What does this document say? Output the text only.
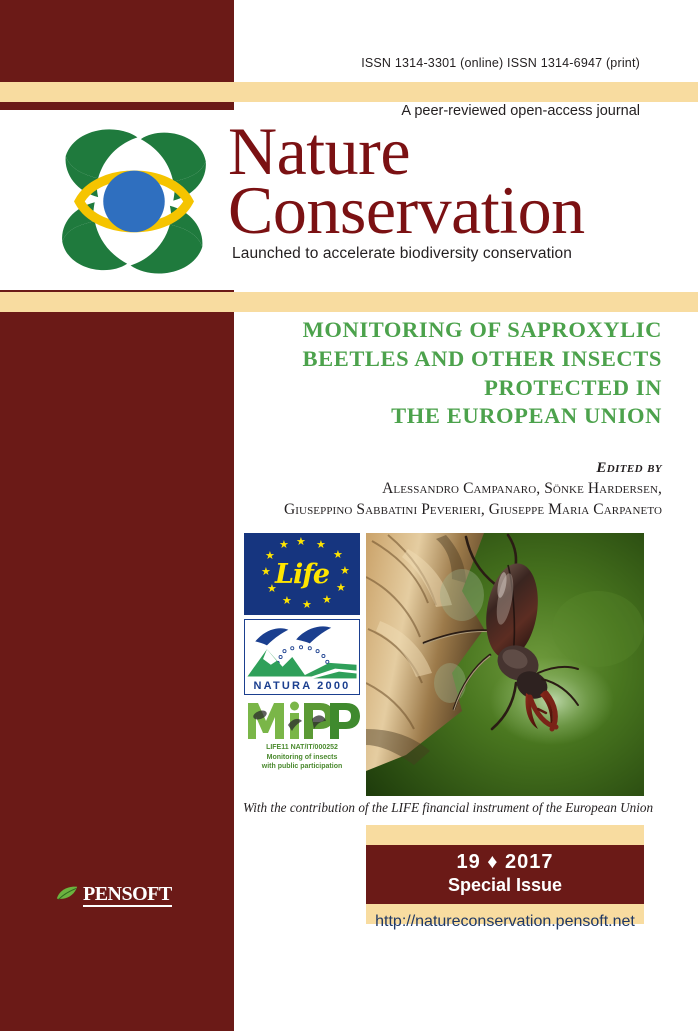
ISSN 1314-3301 (online) ISSN 1314-6947 (print)
A peer-reviewed open-access journal
Nature
Conservation
Launched to accelerate biodiversity conservation
MONITORING OF SAPROXYLIC
BEETLES AND OTHER INSECTS
PROTECTED IN
THE EUROPEAN UNION
Edited by
Alessandro Campanaro, Sönke Hardersen,
Giuseppino Sabbatini Peverieri, Giuseppe Maria Carpaneto
★ ★
★
★
★
★
★
★
★
★
★
★
Life
NATURA 2000
LIFE11 NAT/IT/000252
Monitoring of insects
with public participation
With the contribution of the LIFE financial instrument of the European Union
19 ♦ 2017
Special Issue
http://natureconservation.pensoft.net
PENSOFT
